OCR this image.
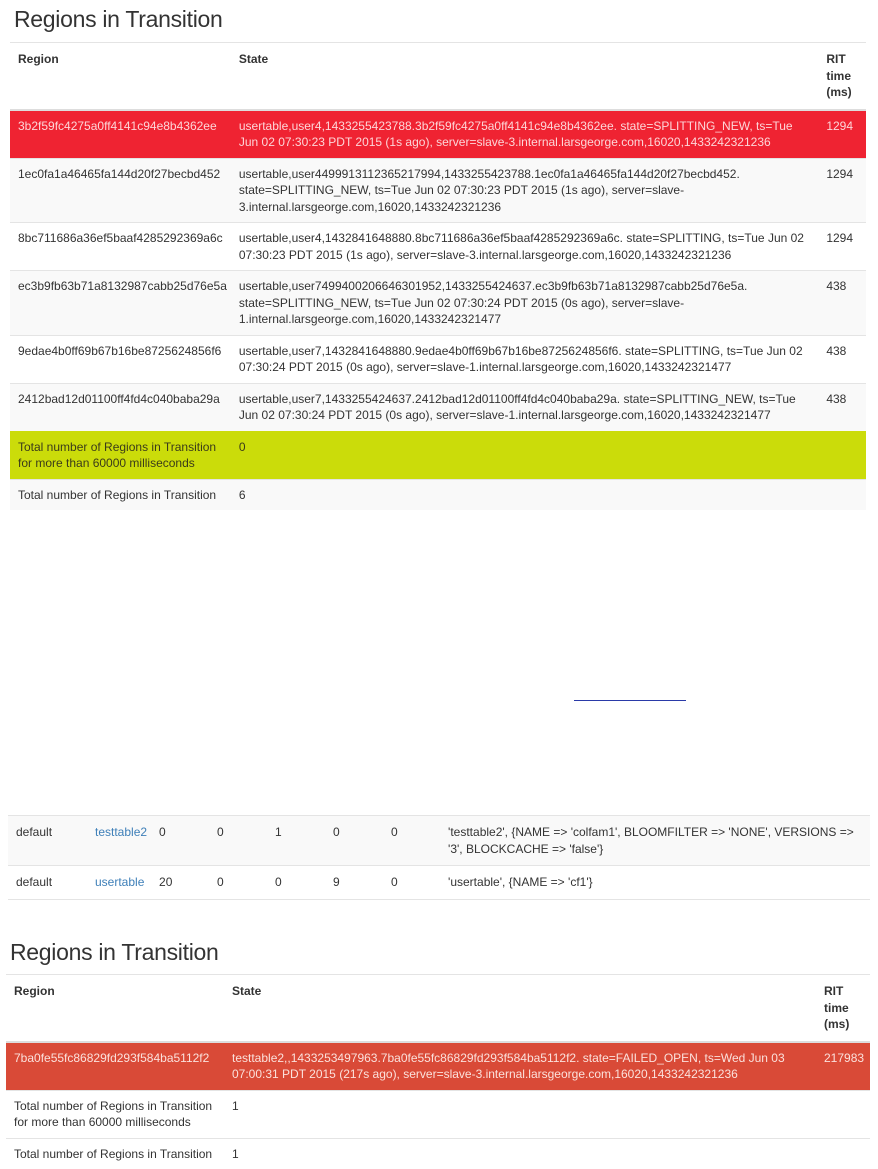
Regions in Transition
Region	State	RIT time (ms)
3b2f59fc4275a0ff4141c94e8b4362ee	usertable,user4,1433255423788.3b2f59fc4275a0ff4141c94e8b4362ee. state=SPLITTING_NEW, ts=Tue Jun 02 07:30:23 PDT 2015 (1s ago), server=slave-3.internal.larsgeorge.com,16020,1433242321236	1294
1ec0fa1a46465fa144d20f27becbd452	usertable,user4499913112365217994,1433255423788.1ec0fa1a46465fa144d20f27becbd452. state=SPLITTING_NEW, ts=Tue Jun 02 07:30:23 PDT 2015 (1s ago), server=slave-3.internal.larsgeorge.com,16020,1433242321236	1294
8bc711686a36ef5baaf4285292369a6c	usertable,user4,1432841648880.8bc711686a36ef5baaf4285292369a6c. state=SPLITTING, ts=Tue Jun 02 07:30:23 PDT 2015 (1s ago), server=slave-3.internal.larsgeorge.com,16020,1433242321236	1294
ec3b9fb63b71a8132987cabb25d76e5a	usertable,user7499400206646301952,1433255424637.ec3b9fb63b71a8132987cabb25d76e5a. state=SPLITTING_NEW, ts=Tue Jun 02 07:30:24 PDT 2015 (0s ago), server=slave-1.internal.larsgeorge.com,16020,1433242321477	438
9edae4b0ff69b67b16be8725624856f6	usertable,user7,1432841648880.9edae4b0ff69b67b16be8725624856f6. state=SPLITTING, ts=Tue Jun 02 07:30:24 PDT 2015 (0s ago), server=slave-1.internal.larsgeorge.com,16020,1433242321477	438
2412bad12d01100ff4fd4c040baba29a	usertable,user7,1433255424637.2412bad12d01100ff4fd4c040baba29a. state=SPLITTING_NEW, ts=Tue Jun 02 07:30:24 PDT 2015 (0s ago), server=slave-1.internal.larsgeorge.com,16020,1433242321477	438
Total number of Regions in Transition for more than 60000 milliseconds	0	
Total number of Regions in Transition	6	
default	testtable2	0	0	1	0	0	'testtable2', {NAME => 'colfam1', BLOOMFILTER => 'NONE', VERSIONS => '3', BLOCKCACHE => 'false'}
default	usertable	20	0	0	9	0	'usertable', {NAME => 'cf1'}
Regions in Transition
Region	State	RIT time (ms)
7ba0fe55fc86829fd293f584ba5112f2	testtable2,,1433253497963.7ba0fe55fc86829fd293f584ba5112f2. state=FAILED_OPEN, ts=Wed Jun 03 07:00:31 PDT 2015 (217s ago), server=slave-3.internal.larsgeorge.com,16020,1433242321236	217983
Total number of Regions in Transition for more than 60000 milliseconds	1	
Total number of Regions in Transition	1	
